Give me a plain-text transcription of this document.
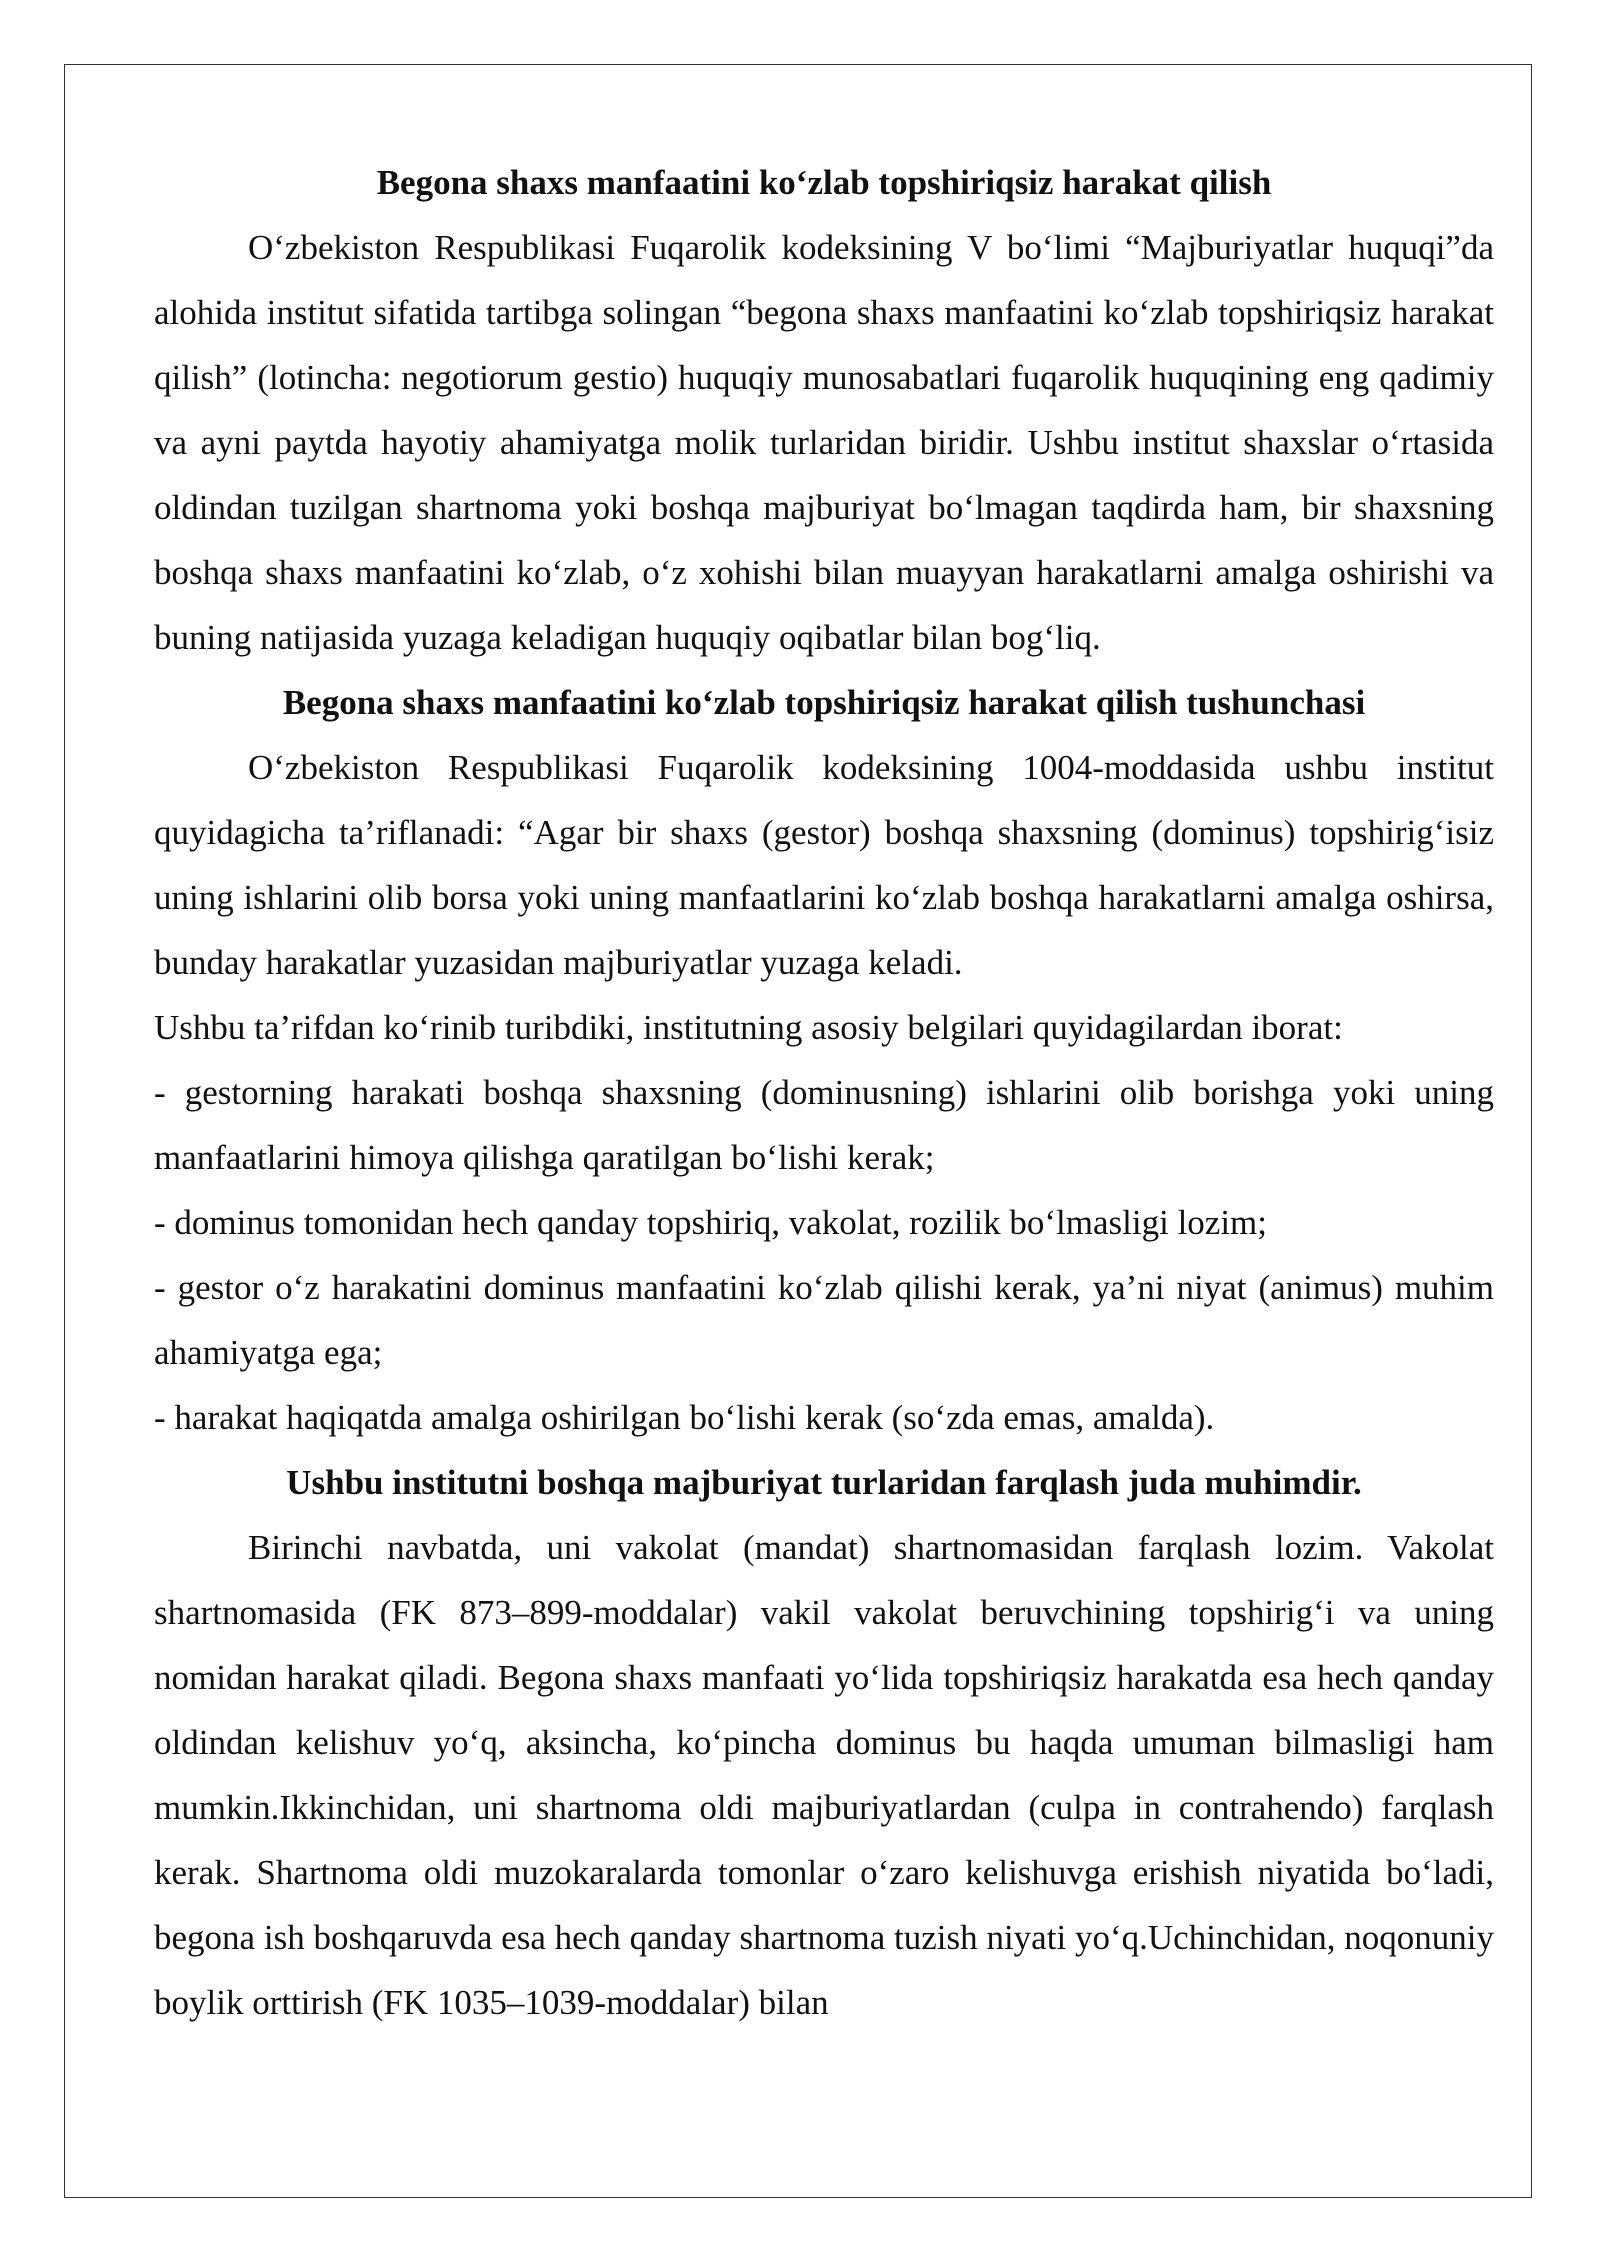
Begona shaxs manfaatini ko‘zlab topshiriqsiz harakat qilish

O‘zbekiston Respublikasi Fuqarolik kodeksining V bo‘limi “Majburiyatlar huquqi”da alohida institut sifatida tartibga solingan “begona shaxs manfaatini ko‘zlab topshiriqsiz harakat qilish” (lotincha: negotiorum gestio) huquqiy munosabatlari fuqarolik huquqining eng qadimiy va ayni paytda hayotiy ahamiyatga molik turlaridan biridir. Ushbu institut shaxslar o‘rtasida oldindan tuzilgan shartnoma yoki boshqa majburiyat bo‘lmagan taqdirda ham, bir shaxsning boshqa shaxs manfaatini ko‘zlab, o‘z xohishi bilan muayyan harakatlarni amalga oshirishi va buning natijasida yuzaga keladigan huquqiy oqibatlar bilan bog‘liq.

Begona shaxs manfaatini ko‘zlab topshiriqsiz harakat qilish tushunchasi

O‘zbekiston Respublikasi Fuqarolik kodeksining 1004-moddasida ushbu institut quyidagicha ta’riflanadi: “Agar bir shaxs (gestor) boshqa shaxsning (dominus) topshirig‘isiz uning ishlarini olib borsa yoki uning manfaatlarini ko‘zlab boshqa harakatlarni amalga oshirsa, bunday harakatlar yuzasidan majburiyatlar yuzaga keladi.

Ushbu ta’rifdan ko‘rinib turibdiki, institutning asosiy belgilari quyidagilardan iborat:

- gestorning harakati boshqa shaxsning (dominusning) ishlarini olib borishga yoki uning manfaatlarini himoya qilishga qaratilgan bo‘lishi kerak;

- dominus tomonidan hech qanday topshiriq, vakolat, rozilik bo‘lmasligi lozim;

- gestor o‘z harakatini dominus manfaatini ko‘zlab qilishi kerak, ya’ni niyat (animus) muhim ahamiyatga ega;

- harakat haqiqatda amalga oshirilgan bo‘lishi kerak (so‘zda emas, amalda).

Ushbu institutni boshqa majburiyat turlaridan farqlash juda muhimdir.

Birinchi navbatda, uni vakolat (mandat) shartnomasidan farqlash lozim. Vakolat shartnomasida (FK 873–899-moddalar) vakil vakolat beruvchining topshirig‘i va uning nomidan harakat qiladi. Begona shaxs manfaati yo‘lida topshiriqsiz harakatda esa hech qanday oldindan kelishuv yo‘q, aksincha, ko‘pincha dominus bu haqda umuman bilmasligi ham mumkin.Ikkinchidan, uni shartnoma oldi majburiyatlardan (culpa in contrahendo) farqlash kerak. Shartnoma oldi muzokaralarda tomonlar o‘zaro kelishuvga erishish niyatida bo‘ladi, begona ish boshqaruvda esa hech qanday shartnoma tuzish niyati yo‘q.Uchinchidan, noqonuniy boylik orttirish (FK 1035–1039-moddalar) bilan
